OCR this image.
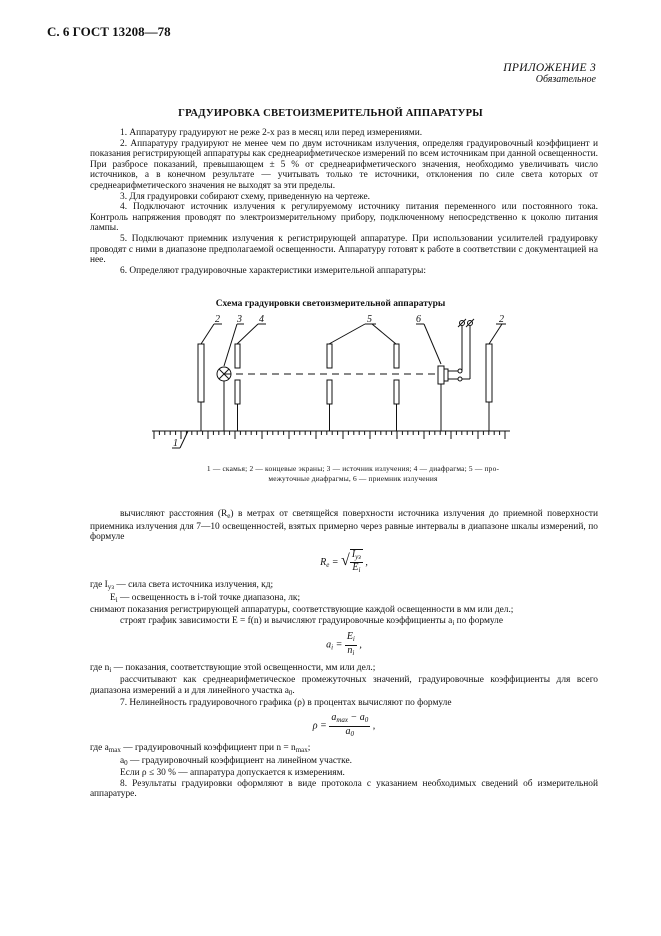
С. 6 ГОСТ 13208—78
ПРИЛОЖЕНИЕ 3
Обязательное
ГРАДУИРОВКА СВЕТОИЗМЕРИТЕЛЬНОЙ АППАРАТУРЫ

1. Аппаратуру градуируют не реже 2-х раз в месяц или перед измерениями.

2. Аппаратуру градуируют не менее чем по двум источникам излучения, определяя градуировочный коэффициент и показания регистрирующей аппаратуры как среднеарифметическое измерений по всем источникам при данной освещенности. При разбросе показаний, превышающем ± 5 % от среднеарифметического значения, необходимо увеличивать число источников, а в конечном результате — учитывать только те источники, отклонения по силе света которых от среднеарифметического значения не выходят за эти пределы.

3. Для градуировки собирают схему, приведенную на чертеже.

4. Подключают источник излучения к регулируемому источнику питания переменного или постоянного тока. Контроль напряжения проводят по электроизмерительному прибору, подключенному непосредственно к цоколю питания лампы.

5. Подключают приемник излучения к регистрирующей аппаратуре. При использовании усилителей градуировку проводят с ними в диапазоне предполагаемой освещенности. Аппаратуру готовят к работе в соответствии с документацией на нее.

6. Определяют градуировочные характеристики измерительной аппаратуры:

Схема градуировки светоизмерительной аппаратуры
2 3 4	5	6	2
1
1 — скамья; 2 — концевые экраны; 3 — источник излучения; 4 — диафрагма; 5 — про-
межуточные диафрагмы, 6 — приемник излучения

вычисляют расстояния $(R_e)$ в метрах от светящейся поверхности источника излучения до приемной поверхности приемника излучения для 7—10 освещенностей, взятых примерно через равные интервалы в диапазоне шкалы измерений, по формуле

$R_e$ = √ $\frac{I_{уз}}{E_i}$ ,

где $I_{уз}$ — сила света источника излучения, кд;

$E_i$ — освещенность в i-той точке диапазона, лк;

снимают показания регистрирующей аппаратуры, соответствующие каждой освещенности в мм или дел.;

строят график зависимости E = f(n) и вычисляют градуировочные коэффициенты $a_i$ по формуле

$a_i = \frac{E_i}{n_i}$ ,

где $n_i$ — показания, соответствующие этой освещенности, мм или дел.;

рассчитывают как среднеарифметическое промежуточных значений, градуировочные коэффициенты для всего диапазона измерений a и для линейного участка $a_0$.

7. Нелинейность градуировочного графика (ρ) в процентах вычисляют по формуле

$\rho = \frac{a_{max} - a_0}{a_0}$ ,

где $a_{max}$ — градуировочный коэффициент при $n = n_{max}$;

$a_0$ — градуировочный коэффициент на линейном участке.

Если ρ ≤ 30 % — аппаратура допускается к измерениям.

8. Результаты градуировки оформляют в виде протокола с указанием необходимых сведений об измерительной аппаратуре.
